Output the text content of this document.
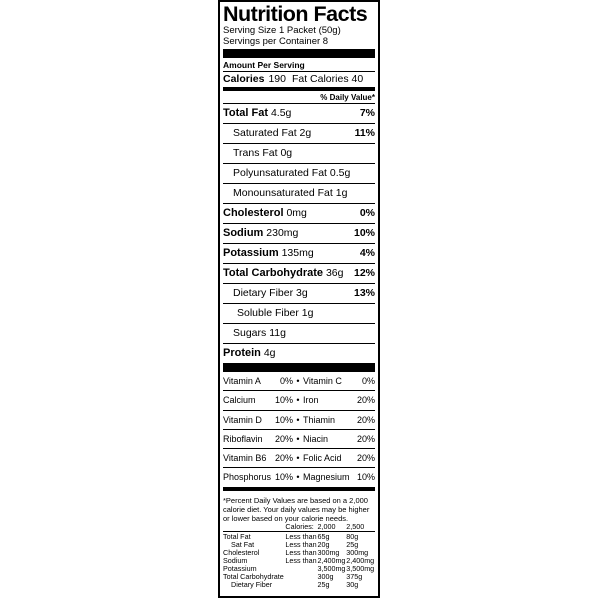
Nutrition Facts
Serving Size 1 Packet (50g)
Servings per Container 8
Amount Per Serving
Calories 190 Fat Calories 40
% Daily Value*
Total Fat 4.5g	7%
Saturated Fat 2g	11%
Trans Fat 0g
Polyunsaturated Fat 0.5g
Monounsaturated Fat 1g
Cholesterol 0mg	0%
Sodium 230mg	10%
Potassium 135mg	4%
Total Carbohydrate 36g 12%
Dietary Fiber 3g	13%
Soluble Fiber 1g
Sugars 11g
Protein 4g
Vitamin A	0% • Vitamin C	0%
Calcium	10% • Iron	20%
Vitamin D	10% • Thiamin	20%
Riboflavin	20% • Niacin	20%
Vitamin B6 20% • Folic Acid	20%
Phosphorus 10% • Magnesium 10%
*Percent Daily Values are based on a 2,000 calorie diet. Your daily values may be higher or lower based on your calorie needs.
	Calories:	2,000	2,500

Total Fat	Less than	65g	80g
Sat Fat	Less than	20g	25g
Cholesterol	Less than	300mg	300mg
Sodium	Less than	2,400mg	2,400mg
Potassium		3,500mg	3,500mg
Total Carbohydrate		300g	375g
Dietary Fiber		25g	30g
